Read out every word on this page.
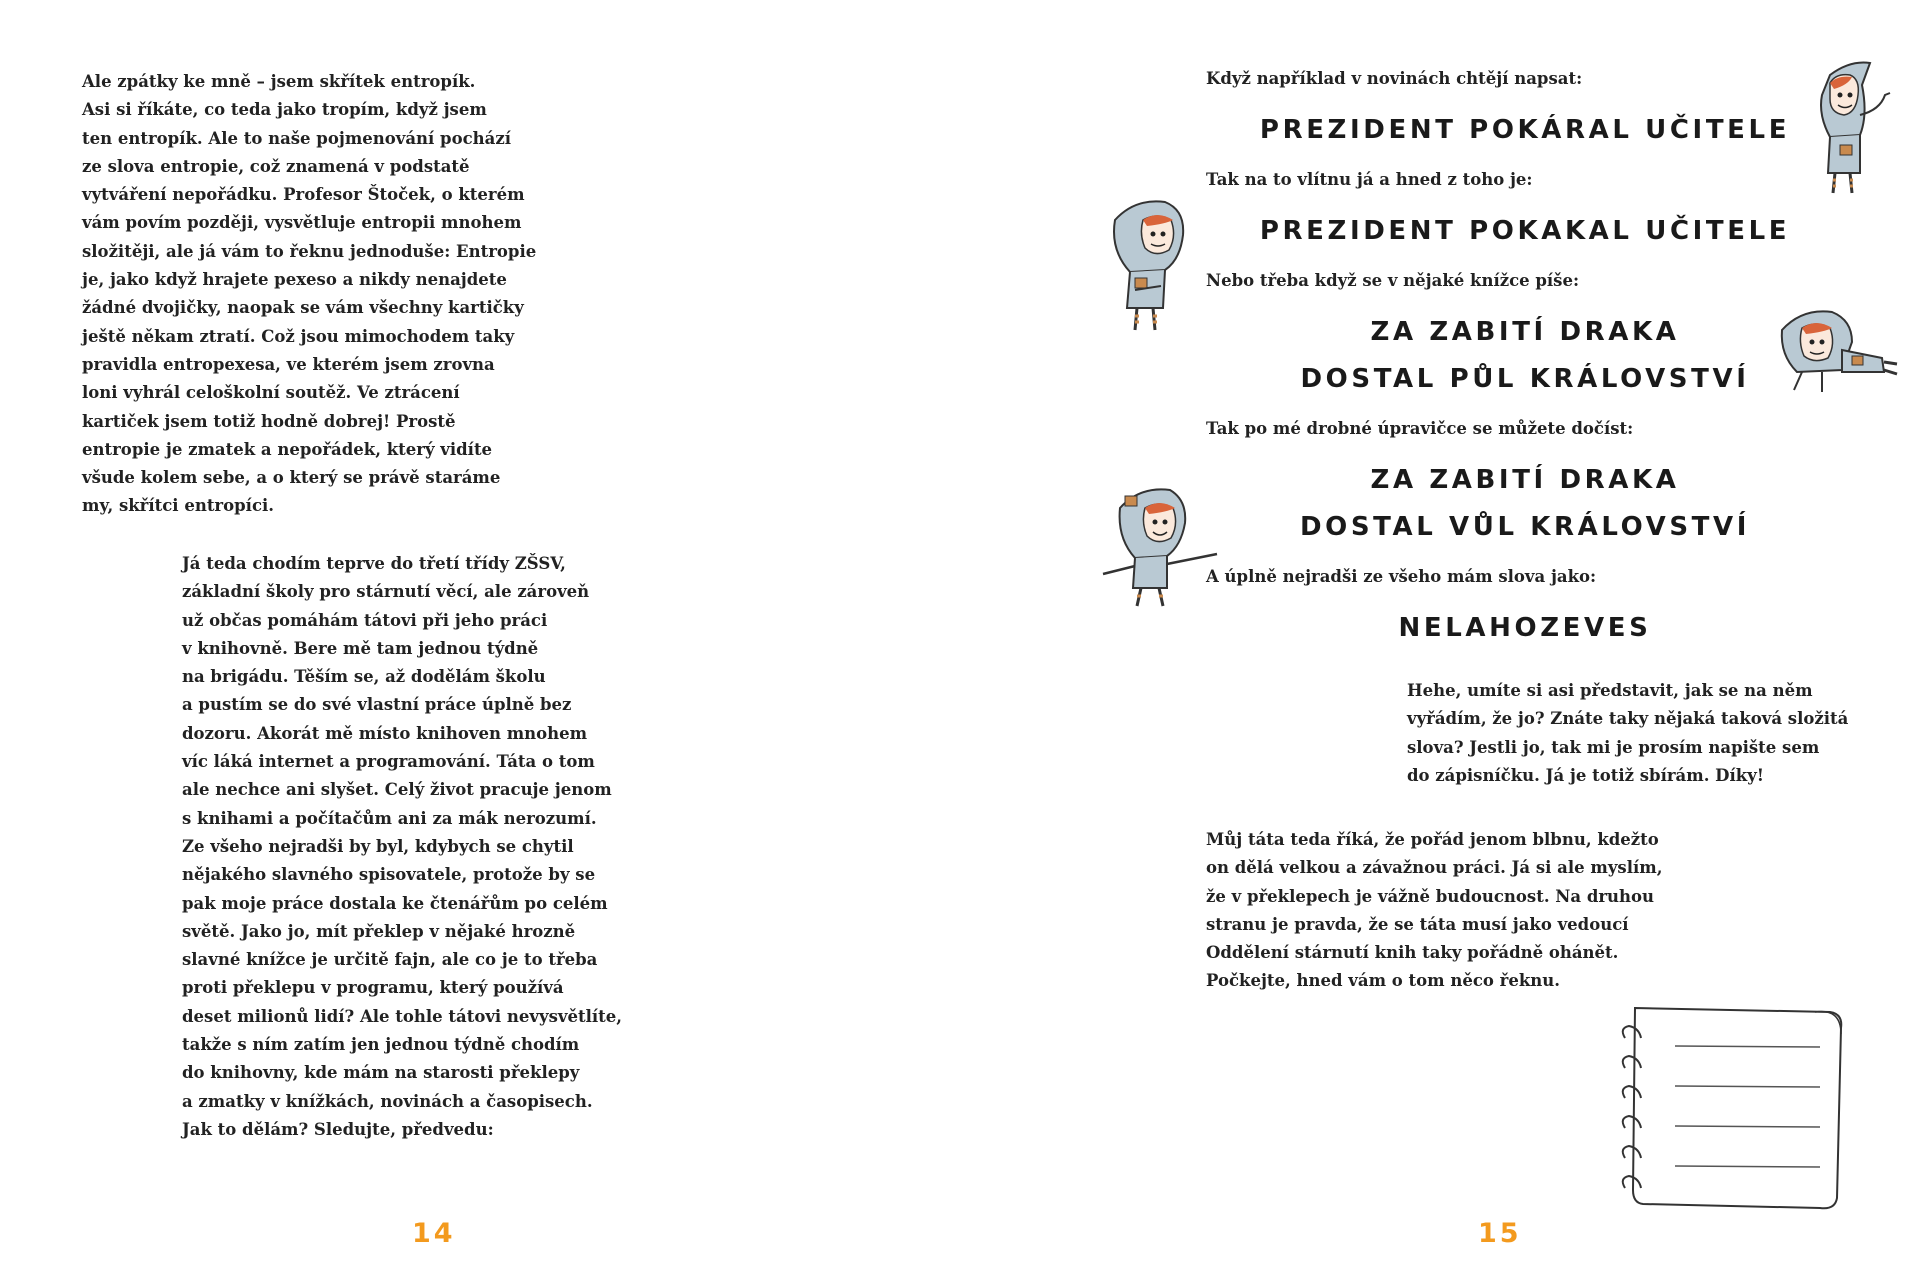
Ale zpátky ke mně – jsem skřítek entropík.
Asi si říkáte, co teda jako tropím, když jsem
ten entropík. Ale to naše pojmenování pochází
ze slova entropie, což znamená v podstatě
vytváření nepořádku. Profesor Štoček, o kterém
vám povím později, vysvětluje entropii mnohem
složitěji, ale já vám to řeknu jednoduše: Entropie
je, jako když hrajete pexeso a nikdy nenajdete
žádné dvojičky, naopak se vám všechny kartičky
ještě někam ztratí. Což jsou mimochodem taky
pravidla entropexesa, ve kterém jsem zrovna
loni vyhrál celoškolní soutěž. Ve ztrácení
kartiček jsem totiž hodně dobrej! Prostě
entropie je zmatek a nepořádek, který vidíte
všude kolem sebe, a o který se právě staráme
my, skřítci entropíci.

Já teda chodím teprve do třetí třídy ZŠSV,
základní školy pro stárnutí věcí, ale zároveň
už občas pomáhám tátovi při jeho práci
v knihovně. Bere mě tam jednou týdně
na brigádu. Těším se, až dodělám školu
a pustím se do své vlastní práce úplně bez
dozoru. Akorát mě místo knihoven mnohem
víc láká internet a programování. Táta o tom
ale nechce ani slyšet. Celý život pracuje jenom
s knihami a počítačům ani za mák nerozumí.
Ze všeho nejradši by byl, kdybych se chytil
nějakého slavného spisovatele, protože by se
pak moje práce dostala ke čtenářům po celém
světě. Jako jo, mít překlep v nějaké hrozně
slavné knížce je určitě fajn, ale co je to třeba
proti překlepu v programu, který používá
deset milionů lidí? Ale tohle tátovi nevysvětlíte,
takže s ním zatím jen jednou týdně chodím
do knihovny, kde mám na starosti překlepy
a zmatky v knížkách, novinách a časopisech.
Jak to dělám? Sledujte, předvedu:

14

Když například v novinách chtějí napsat:

PREZIDENT POKÁRAL UČITELE

Tak na to vlítnu já a hned z toho je:

PREZIDENT POKAKAL UČITELE

Nebo třeba když se v nějaké knížce píše:

ZA ZABITÍ DRAKA
DOSTAL PŮL KRÁLOVSTVÍ

Tak po mé drobné úpravičce se můžete dočíst:

ZA ZABITÍ DRAKA
DOSTAL VŮL KRÁLOVSTVÍ

A úplně nejradši ze všeho mám slova jako:

NELAHOZEVES

Hehe, umíte si asi představit, jak se na něm
vyřádím, že jo? Znáte taky nějaká taková složitá
slova? Jestli jo, tak mi je prosím napište sem
do zápisníčku. Já je totiž sbírám. Díky!

Můj táta teda říká, že pořád jenom blbnu, kdežto
on dělá velkou a závažnou práci. Já si ale myslím,
že v překlepech je vážně budoucnost. Na druhou
stranu je pravda, že se táta musí jako vedoucí
Oddělení stárnutí knih taky pořádně ohánět.
Počkejte, hned vám o tom něco řeknu.

15
